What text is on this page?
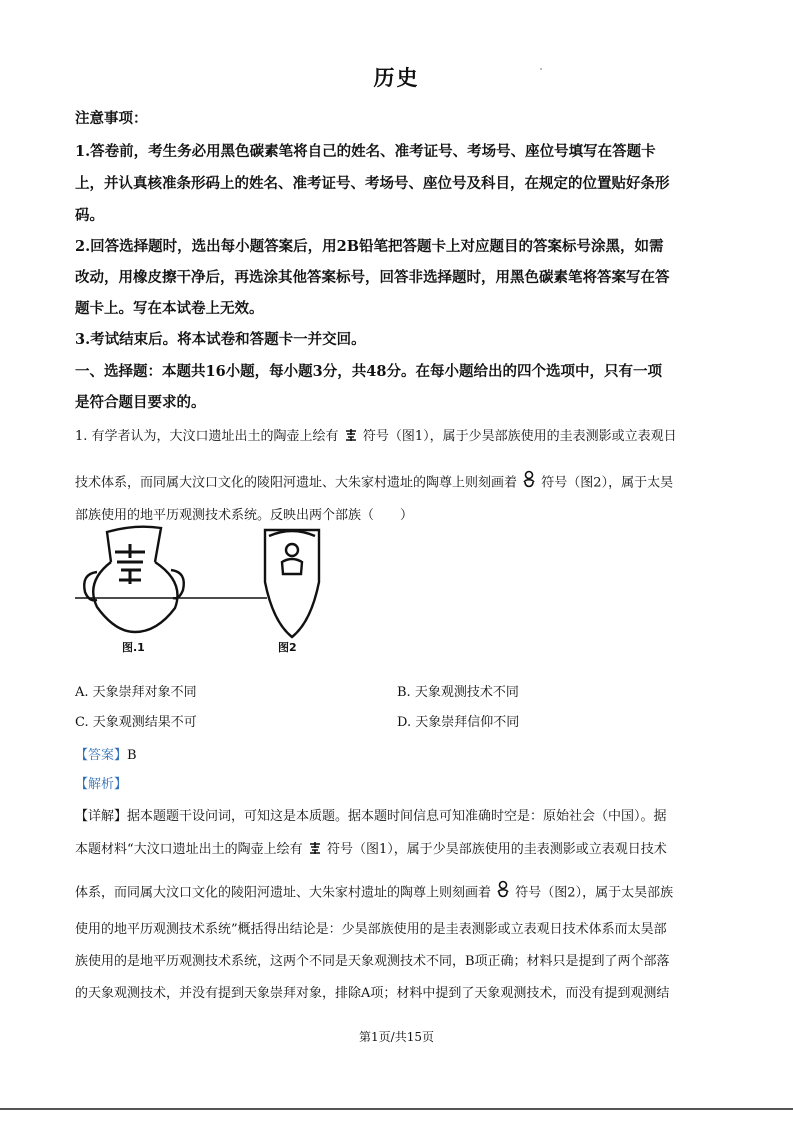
历史
注意事项：
1.答卷前，考生务必用黑色碳素笔将自己的姓名、准考证号、考场号、座位号填写在答题卡
上，并认真核准条形码上的姓名、准考证号、考场号、座位号及科目，在规定的位置贴好条形
码。
2.回答选择题时，选出每小题答案后，用2B铅笔把答题卡上对应题目的答案标号涂黑，如需
改动，用橡皮擦干净后，再选涂其他答案标号，回答非选择题时，用黑色碳素笔将答案写在答
题卡上。写在本试卷上无效。
3.考试结束后。将本试卷和答题卡一并交回。
一、选择题：本题共16小题，每小题3分，共48分。在每小题给出的四个选项中，只有一项
是符合题目要求的。
1. 有学者认为，大汶口遗址出土的陶壶上绘有 符号（图1），属于少昊部族使用的圭表测影或立表观日
技术体系，而同属大汶口文化的陵阳河遗址、大朱家村遗址的陶尊上则刻画着 符号（图2），属于太昊
部族使用的地平历观测技术系统。反映出两个部族（　　）
图.1	图2
A. 天象崇拜对象不同	B. 天象观测技术不同
C. 天象观测结果不可	D. 天象崇拜信仰不同
【答案】B
【解析】
【详解】据本题题干设问词，可知这是本质题。据本题时间信息可知准确时空是：原始社会（中国）。据
本题材料“大汶口遗址出土的陶壶上绘有 符号（图1），属于少昊部族使用的圭表测影或立表观日技术
体系，而同属大汶口文化的陵阳河遗址、大朱家村遗址的陶尊上则刻画着 符号（图2），属于太昊部族
使用的地平历观测技术系统”概括得出结论是：少昊部族使用的是圭表测影或立表观日技术体系而太昊部
族使用的是地平历观测技术系统，这两个不同是天象观测技术不同，B项正确；材料只是提到了两个部落
的天象观测技术，并没有提到天象崇拜对象，排除A项；材料中提到了天象观测技术，而没有提到观测结
第1页/共15页
